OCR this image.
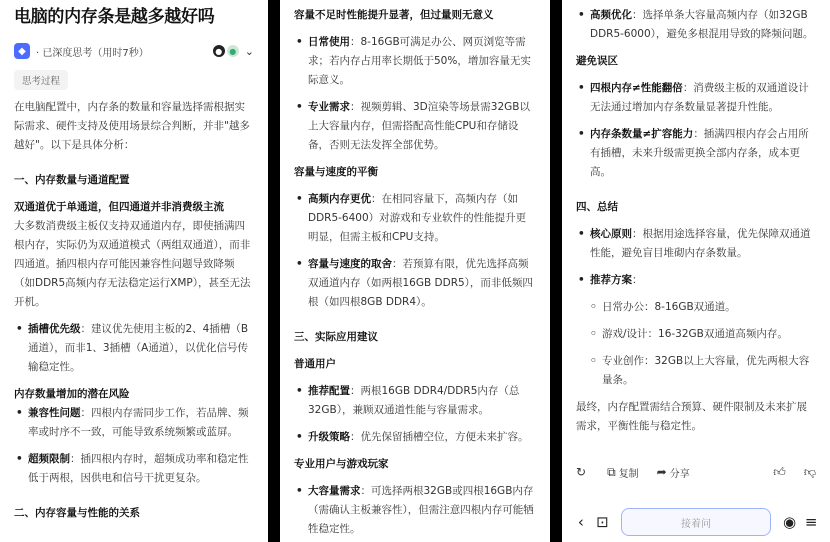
电脑的内存条是越多越好吗
◆	· 已深度思考（用时7秒）	● ● ⌄
思考过程

在电脑配置中，内存条的数量和容量选择需根据实际需求、硬件支持及使用场景综合判断，并非"越多越好"。以下是具体分析：

一、内存数量与通道配置
双通道优于单通道，但四通道并非消费级主流

大多数消费级主板仅支持双通道内存，即使插满四根内存，实际仍为双通道模式（两组双通道），而非四通道。插四根内存可能因兼容性问题导致降频（如DDR5高频内存无法稳定运行XMP），甚至无法开机。

• 插槽优先级：建议优先使用主板的2、4插槽（B通道），而非1、3插槽（A通道），以优化信号传输稳定性。
内存数量增加的潜在风险
• 兼容性问题：四根内存需同步工作，若品牌、频率或时序不一致，可能导致系统频繁或蓝屏。
• 超频限制：插四根内存时，超频成功率和稳定性低于两根，因供电和信号干扰更复杂。
二、内存容量与性能的关系
容量不足时性能提升显著，但过量则无意义
• 日常使用：8-16GB可满足办公、网页浏览等需求；若内存占用率长期低于50%，增加容量无实际意义。
• 专业需求：视频剪辑、3D渲染等场景需32GB以上大容量内存，但需搭配高性能CPU和存储设备，否则无法发挥全部优势。
容量与速度的平衡
• 高频内存更优：在相同容量下，高频内存（如DDR5-6400）对游戏和专业软件的性能提升更明显，但需主板和CPU支持。
• 容量与速度的取舍：若预算有限，优先选择高频双通道内存（如两根16GB DDR5），而非低频四根（如四根8GB DDR4）。
三、实际应用建议
普通用户
• 推荐配置：两根16GB DDR4/DDR5内存（总32GB），兼顾双通道性能与容量需求。
• 升级策略：优先保留插槽空位，方便未来扩容。
专业用户与游戏玩家
• 大容量需求：可选择两根32GB或四根16GB内存（需确认主板兼容性），但需注意四根内存可能牺牲稳定性。
• 高频优化：选择单条大容量高频内存（如32GB DDR5-6000），避免多根混用导致的降频问题。
避免误区
• 四根内存≠性能翻倍：消费级主板的双通道设计无法通过增加内存条数量显著提升性能。
• 内存条数量≠扩容能力：插满四根内存会占用所有插槽，未来升级需更换全部内存条，成本更高。
四、总结
• 核心原则：根据用途选择容量，优先保障双通道性能，避免盲目堆砌内存条数量。
• 推荐方案：
◦ 日常办公：8-16GB双通道。
◦ 游戏/设计：16-32GB双通道高频内存。
◦ 专业创作：32GB以上大容量，优先两根大容量条。

最终，内存配置需结合预算、硬件限制及未来扩展需求，平衡性能与稳定性。

↻ ⧉ 复制 ➦ 分享	👍︎ 👎︎
‹ ⊡	接着问	◉ ≡
